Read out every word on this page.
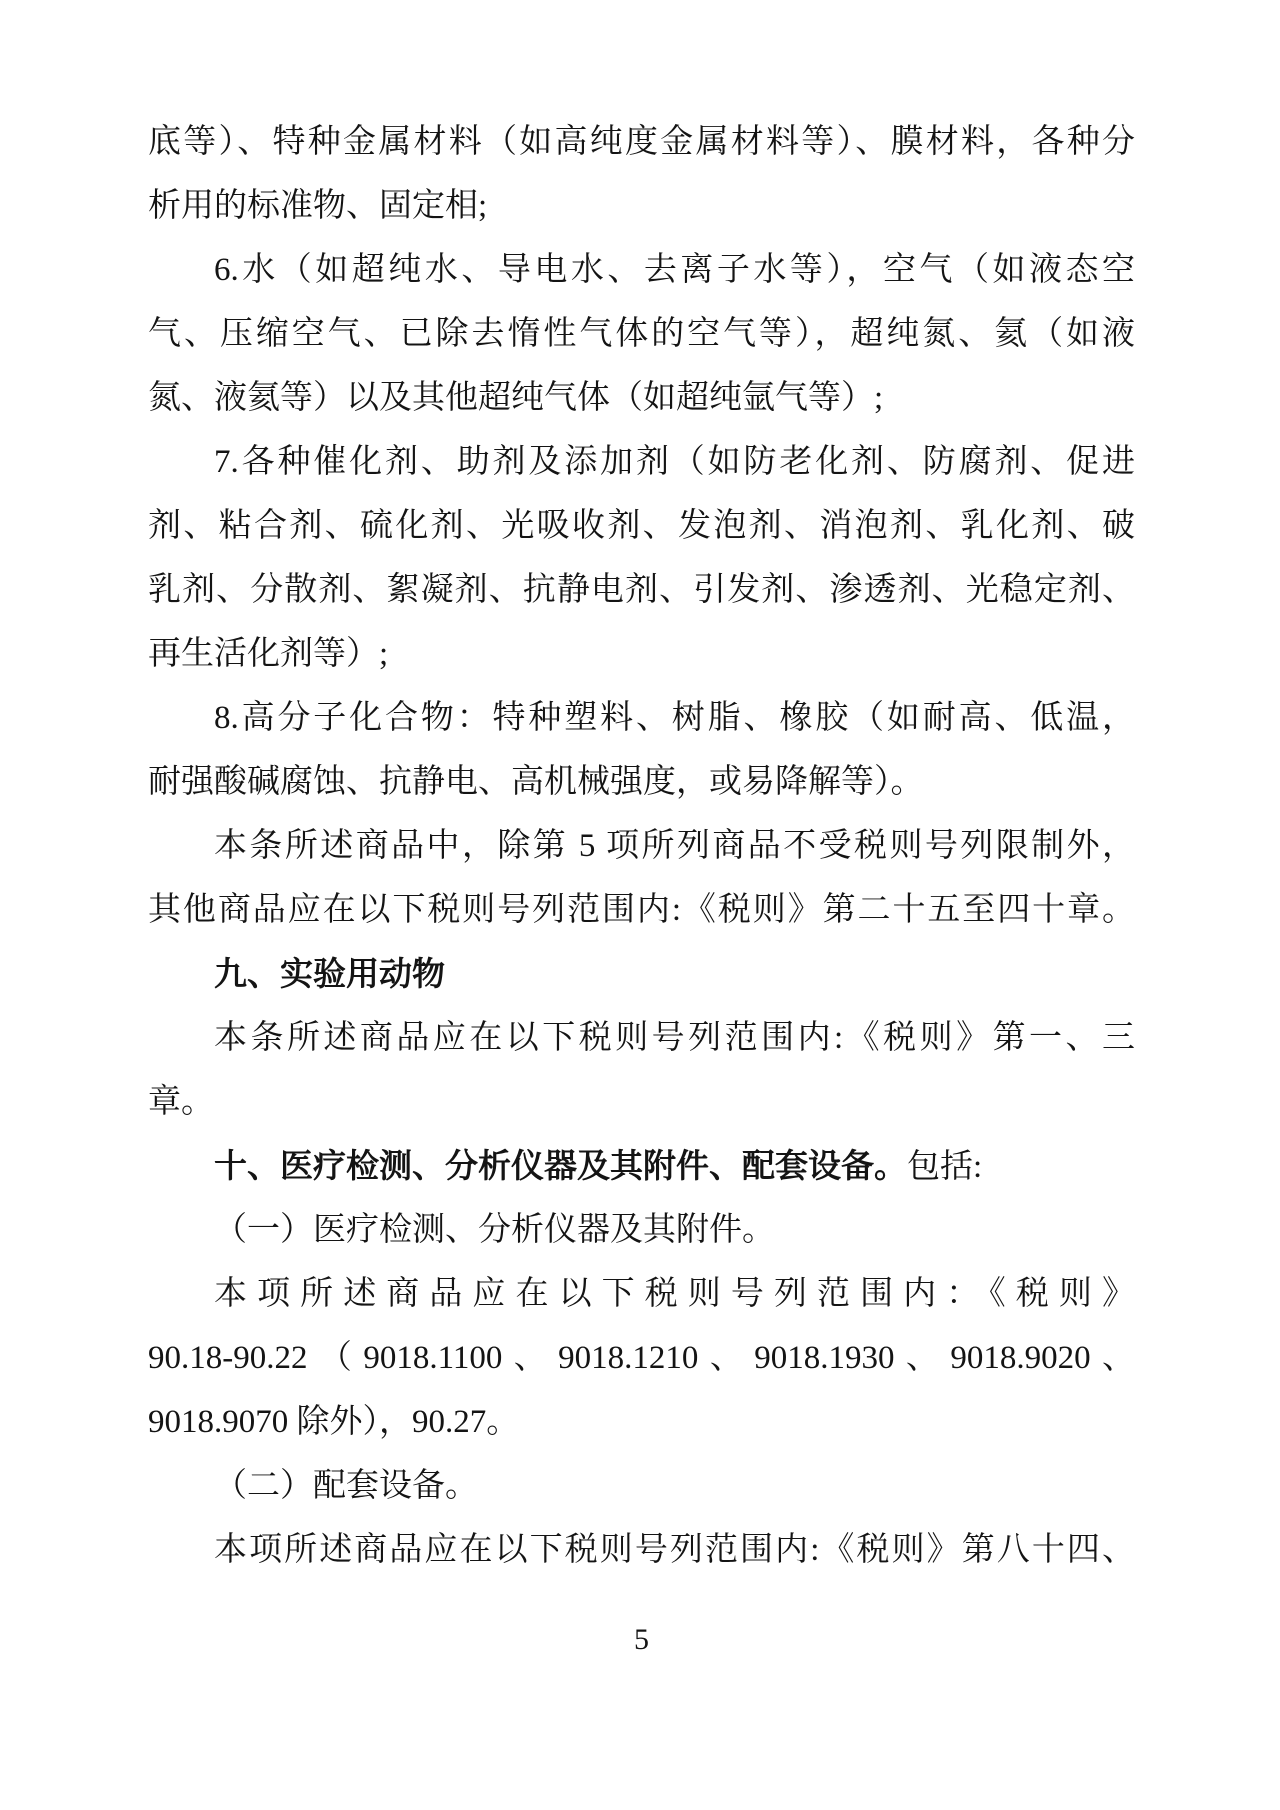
底等）、特种金属材料（如高纯度金属材料等）、膜材料，各种分
析用的标准物、固定相;
6.水（如超纯水、导电水、去离子水等），空气（如液态空
气、压缩空气、已除去惰性气体的空气等），超纯氮、氦（如液
氮、液氦等）以及其他超纯气体（如超纯氩气等）;
7.各种催化剂、助剂及添加剂（如防老化剂、防腐剂、促进
剂、粘合剂、硫化剂、光吸收剂、发泡剂、消泡剂、乳化剂、破
乳剂、分散剂、絮凝剂、抗静电剂、引发剂、渗透剂、光稳定剂、
再生活化剂等）;
8.高分子化合物：特种塑料、树脂、橡胶（如耐高、低温，
耐强酸碱腐蚀、抗静电、高机械强度，或易降解等）。
本条所述商品中，除第 5 项所列商品不受税则号列限制外，
其他商品应在以下税则号列范围内:《税则》第二十五至四十章。
九、实验用动物
本条所述商品应在以下税则号列范围内:《税则》第一、三
章。
十、医疗检测、分析仪器及其附件、配套设备。包括:
（一）医疗检测、分析仪器及其附件。
本项所述商品应在以下税则号列范围内：《税则》
90.18-90.22（9018.1100、9018.1210、9018.1930、9018.9020、
9018.9070 除外），90.27。
（二）配套设备。
本项所述商品应在以下税则号列范围内:《税则》第八十四、
5
